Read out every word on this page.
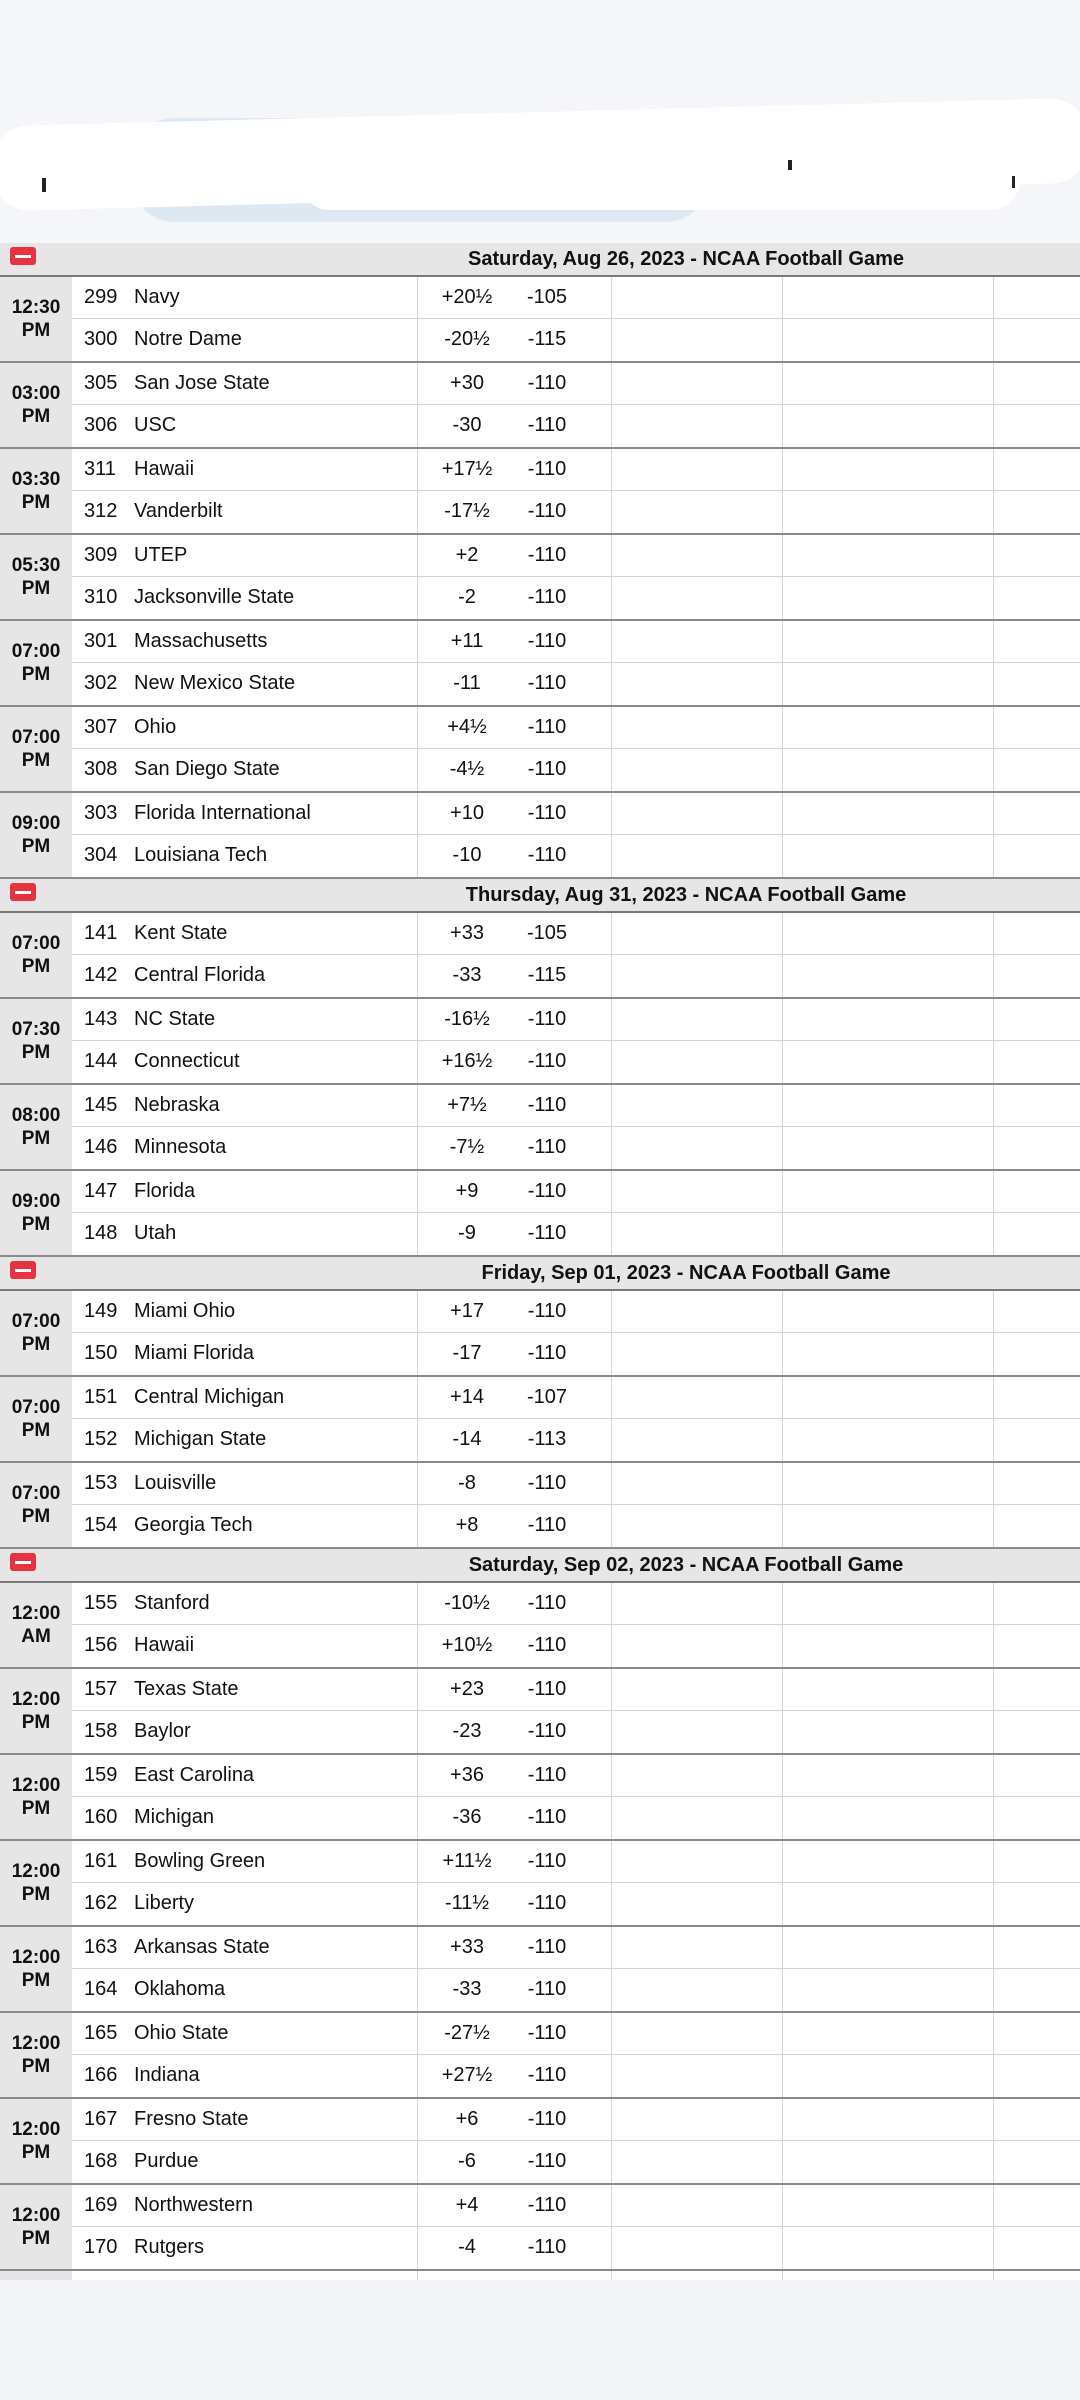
Saturday, Aug 26, 2023 - NCAA Football Game
12:30
PM
299 Navy	+20½	-105
300 Notre Dame	-20½	-115
03:00
PM
305 San Jose State	+30	-110
306 USC	-30	-110
03:30
PM
311 Hawaii	+17½	-110
312 Vanderbilt	-17½	-110
05:30
PM
309 UTEP	+2	-110
310 Jacksonville State	-2	-110
07:00
PM
301 Massachusetts	+11	-110
302 New Mexico State	-11	-110
07:00
PM
307 Ohio	+4½	-110
308 San Diego State	-4½	-110
09:00
PM
303 Florida International	+10	-110
304 Louisiana Tech	-10	-110
Thursday, Aug 31, 2023 - NCAA Football Game
07:00
PM
141 Kent State	+33	-105
142 Central Florida	-33	-115
07:30
PM
143 NC State	-16½	-110
144 Connecticut	+16½	-110
08:00
PM
145 Nebraska	+7½	-110
146 Minnesota	-7½	-110
09:00
PM
147 Florida	+9	-110
148 Utah	-9	-110
Friday, Sep 01, 2023 - NCAA Football Game
07:00
PM
149 Miami Ohio	+17	-110
150 Miami Florida	-17	-110
07:00
PM
151 Central Michigan	+14	-107
152 Michigan State	-14	-113
07:00
PM
153 Louisville	-8	-110
154 Georgia Tech	+8	-110
Saturday, Sep 02, 2023 - NCAA Football Game
12:00
AM
155 Stanford	-10½	-110
156 Hawaii	+10½	-110
12:00
PM
157 Texas State	+23	-110
158 Baylor	-23	-110
12:00
PM
159 East Carolina	+36	-110
160 Michigan	-36	-110
12:00
PM
161 Bowling Green	+11½	-110
162 Liberty	-11½	-110
12:00
PM
163 Arkansas State	+33	-110
164 Oklahoma	-33	-110
12:00
PM
165 Ohio State	-27½	-110
166 Indiana	+27½	-110
12:00
PM
167 Fresno State	+6	-110
168 Purdue	-6	-110
12:00
PM
169 Northwestern	+4	-110
170 Rutgers	-4	-110
